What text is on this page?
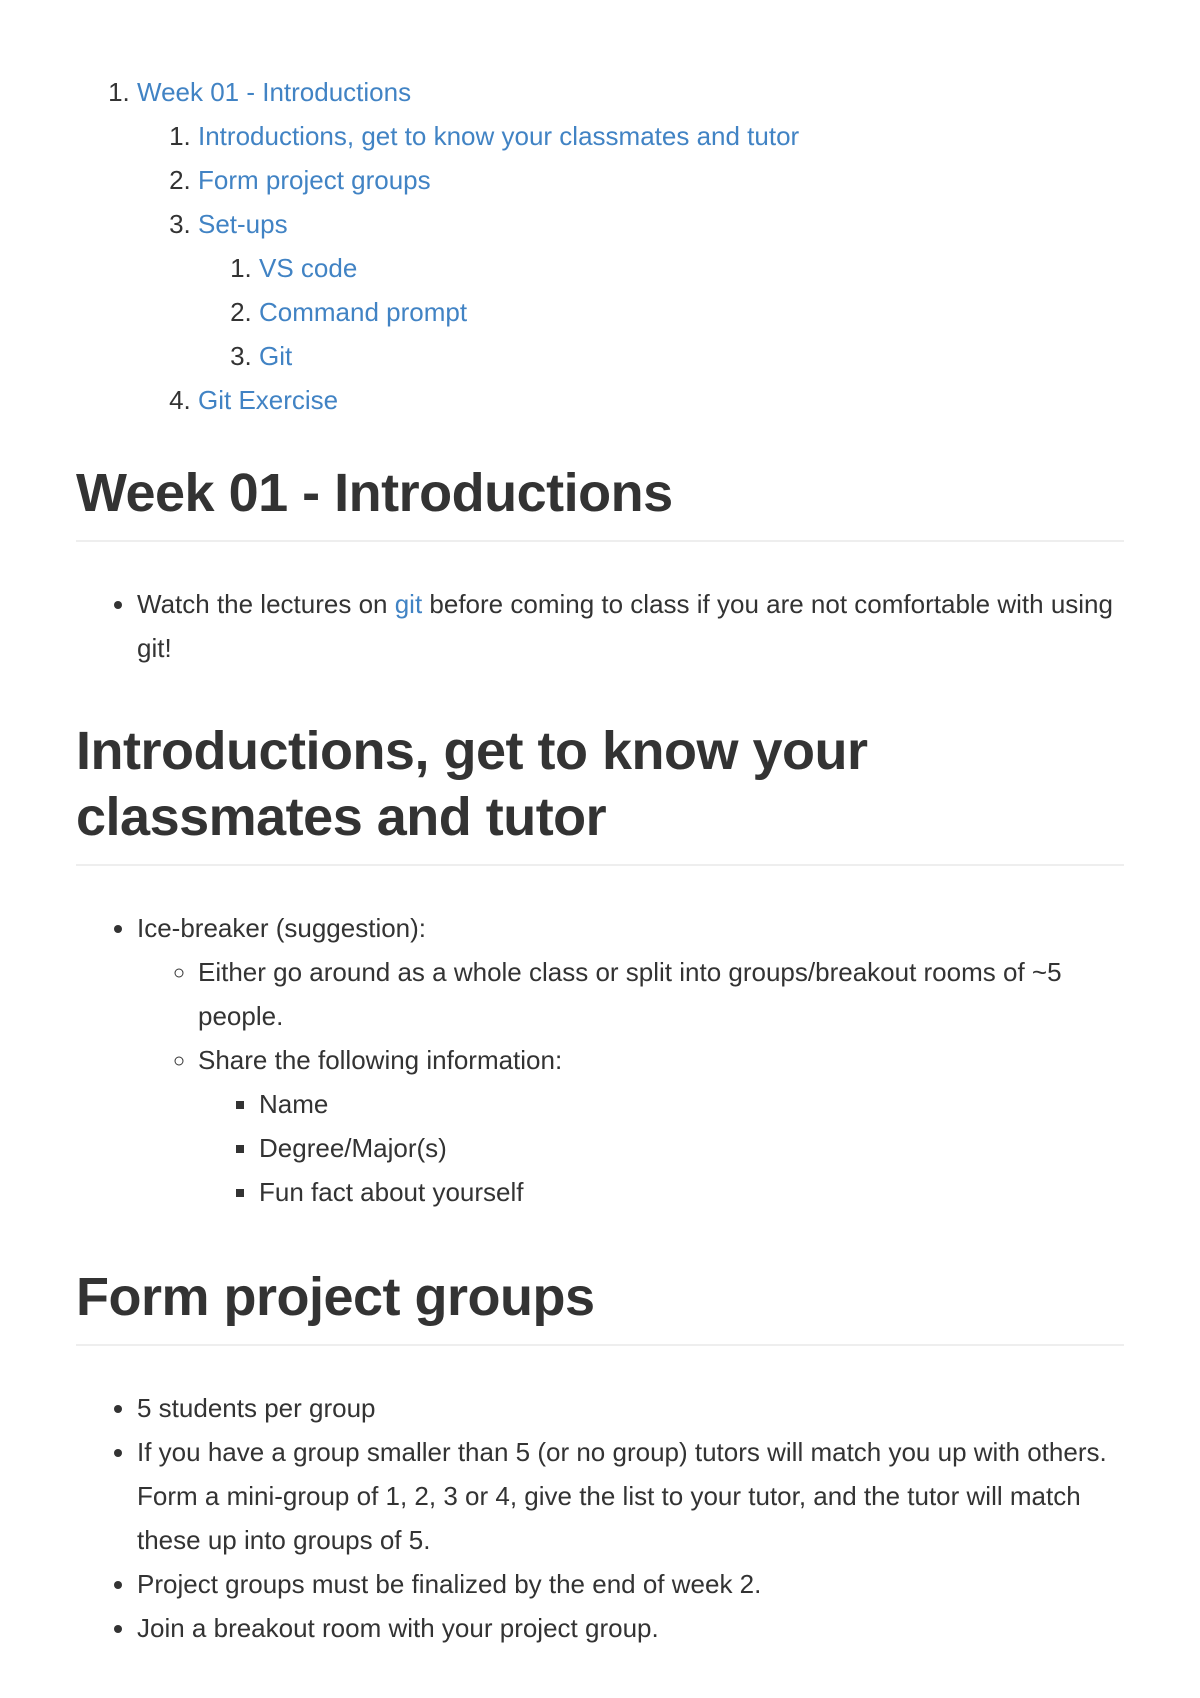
1. Week 01 - Introductions
1. Introductions, get to know your classmates and tutor
2. Form project groups
3. Set-ups
1. VS code
2. Command prompt
3. Git
4. Git Exercise
Week 01 - Introductions
• Watch the lectures on git before coming to class if you are not comfortable with using git!
Introductions, get to know your classmates and tutor
• Ice-breaker (suggestion):
◦ Either go around as a whole class or split into groups/breakout rooms of ~5 people.
◦ Share the following information:
▪ Name
▪ Degree/Major(s)
▪ Fun fact about yourself
Form project groups
• 5 students per group
• If you have a group smaller than 5 (or no group) tutors will match you up with others. Form a mini-group of 1, 2, 3 or 4, give the list to your tutor, and the tutor will match these up into groups of 5.
• Project groups must be finalized by the end of week 2.
• Join a breakout room with your project group.
